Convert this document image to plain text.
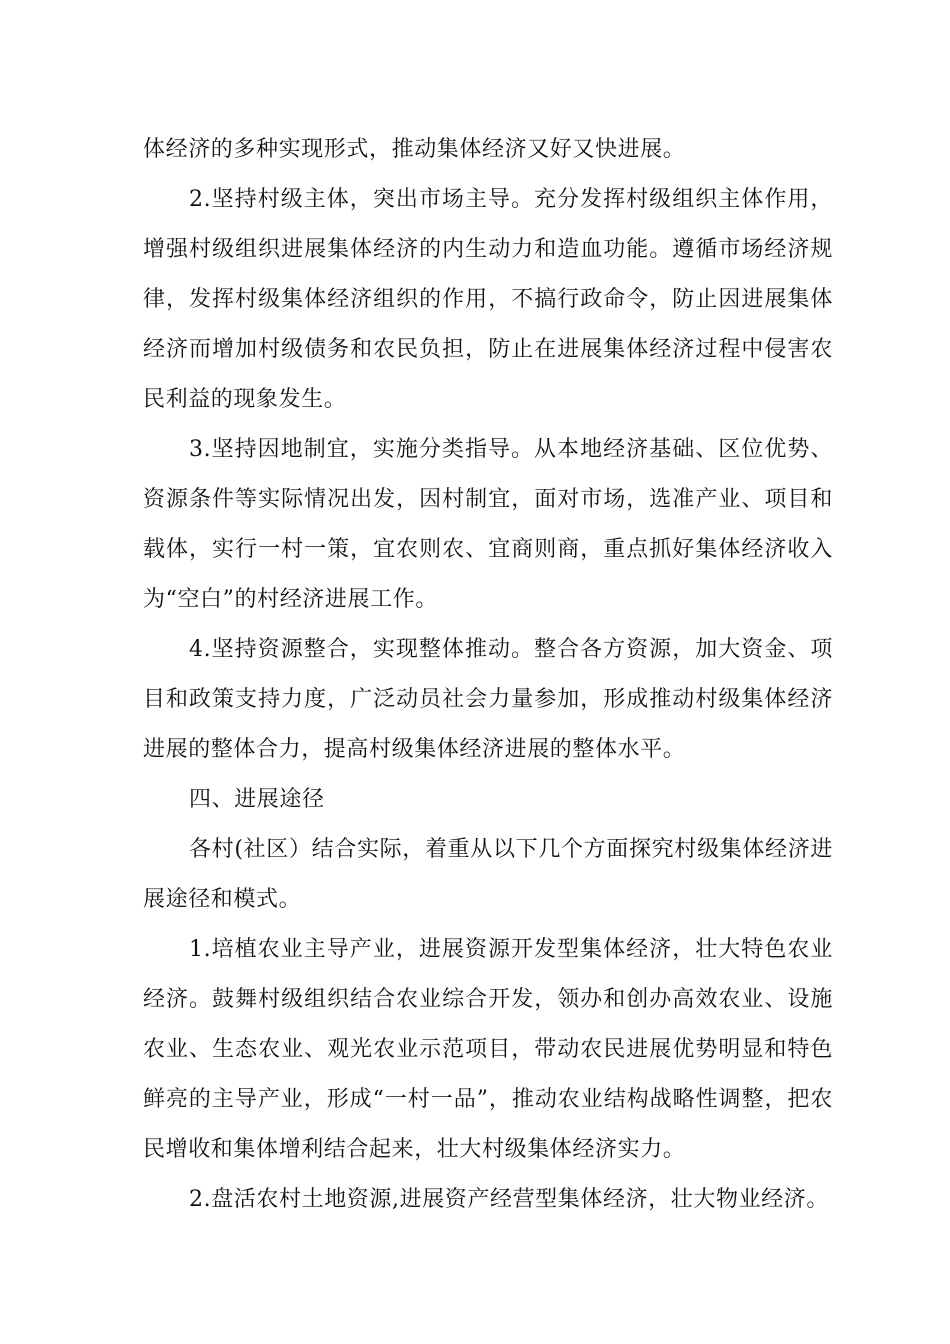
体经济的多种实现形式，推动集体经济又好又快进展。

2.坚持村级主体，突出市场主导。充分发挥村级组织主体作用，增强村级组织进展集体经济的内生动力和造血功能。遵循市场经济规律，发挥村级集体经济组织的作用，不搞行政命令，防止因进展集体经济而增加村级债务和农民负担，防止在进展集体经济过程中侵害农民利益的现象发生。

3.坚持因地制宜，实施分类指导。从本地经济基础、区位优势、资源条件等实际情况出发，因村制宜，面对市场，选准产业、项目和载体，实行一村一策，宜农则农、宜商则商，重点抓好集体经济收入为“空白”的村经济进展工作。

4.坚持资源整合，实现整体推动。整合各方资源，加大资金、项目和政策支持力度，广泛动员社会力量参加，形成推动村级集体经济进展的整体合力，提高村级集体经济进展的整体水平。

四、进展途径

各村(社区）结合实际，着重从以下几个方面探究村级集体经济进展途径和模式。

1.培植农业主导产业，进展资源开发型集体经济，壮大特色农业经济。鼓舞村级组织结合农业综合开发，领办和创办高效农业、设施农业、生态农业、观光农业示范项目，带动农民进展优势明显和特色鲜亮的主导产业，形成“一村一品”，推动农业结构战略性调整，把农民增收和集体增利结合起来，壮大村级集体经济实力。

2.盘活农村土地资源,进展资产经营型集体经济，壮大物业经济。
